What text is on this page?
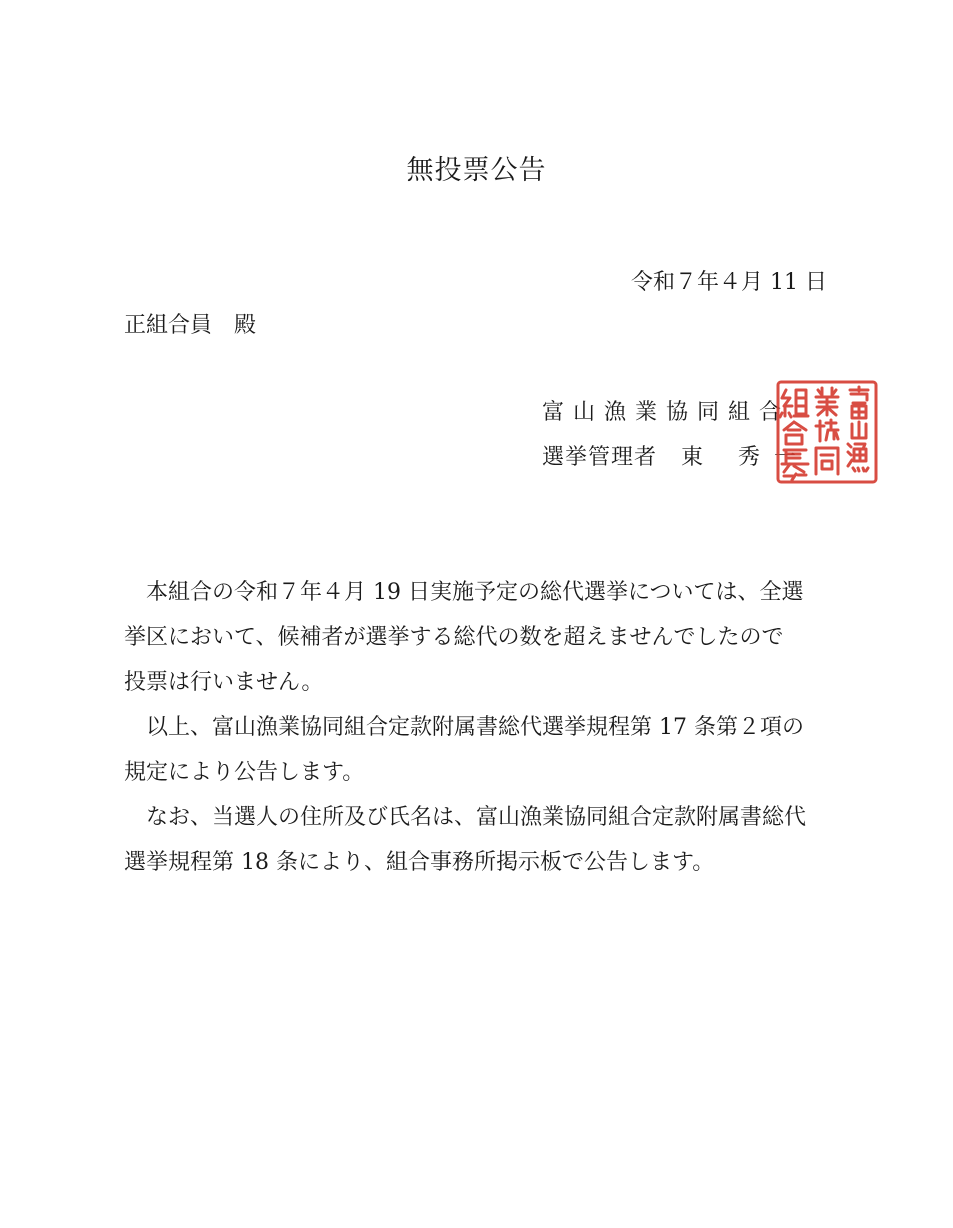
無投票公告
令和７年４月 11 日
正組合員　殿
富山漁業協同組合
選挙管理者 東 秀一

本組合の令和７年４月 19 日実施予定の総代選挙については、全選
挙区において、候補者が選挙する総代の数を超えませんでしたので
投票は行いません。

以上、富山漁業協同組合定款附属書総代選挙規程第 17 条第２項の
規定により公告します。

なお、当選人の住所及び氏名は、富山漁業協同組合定款附属書総代
選挙規程第 18 条により、組合事務所掲示板で公告します。
